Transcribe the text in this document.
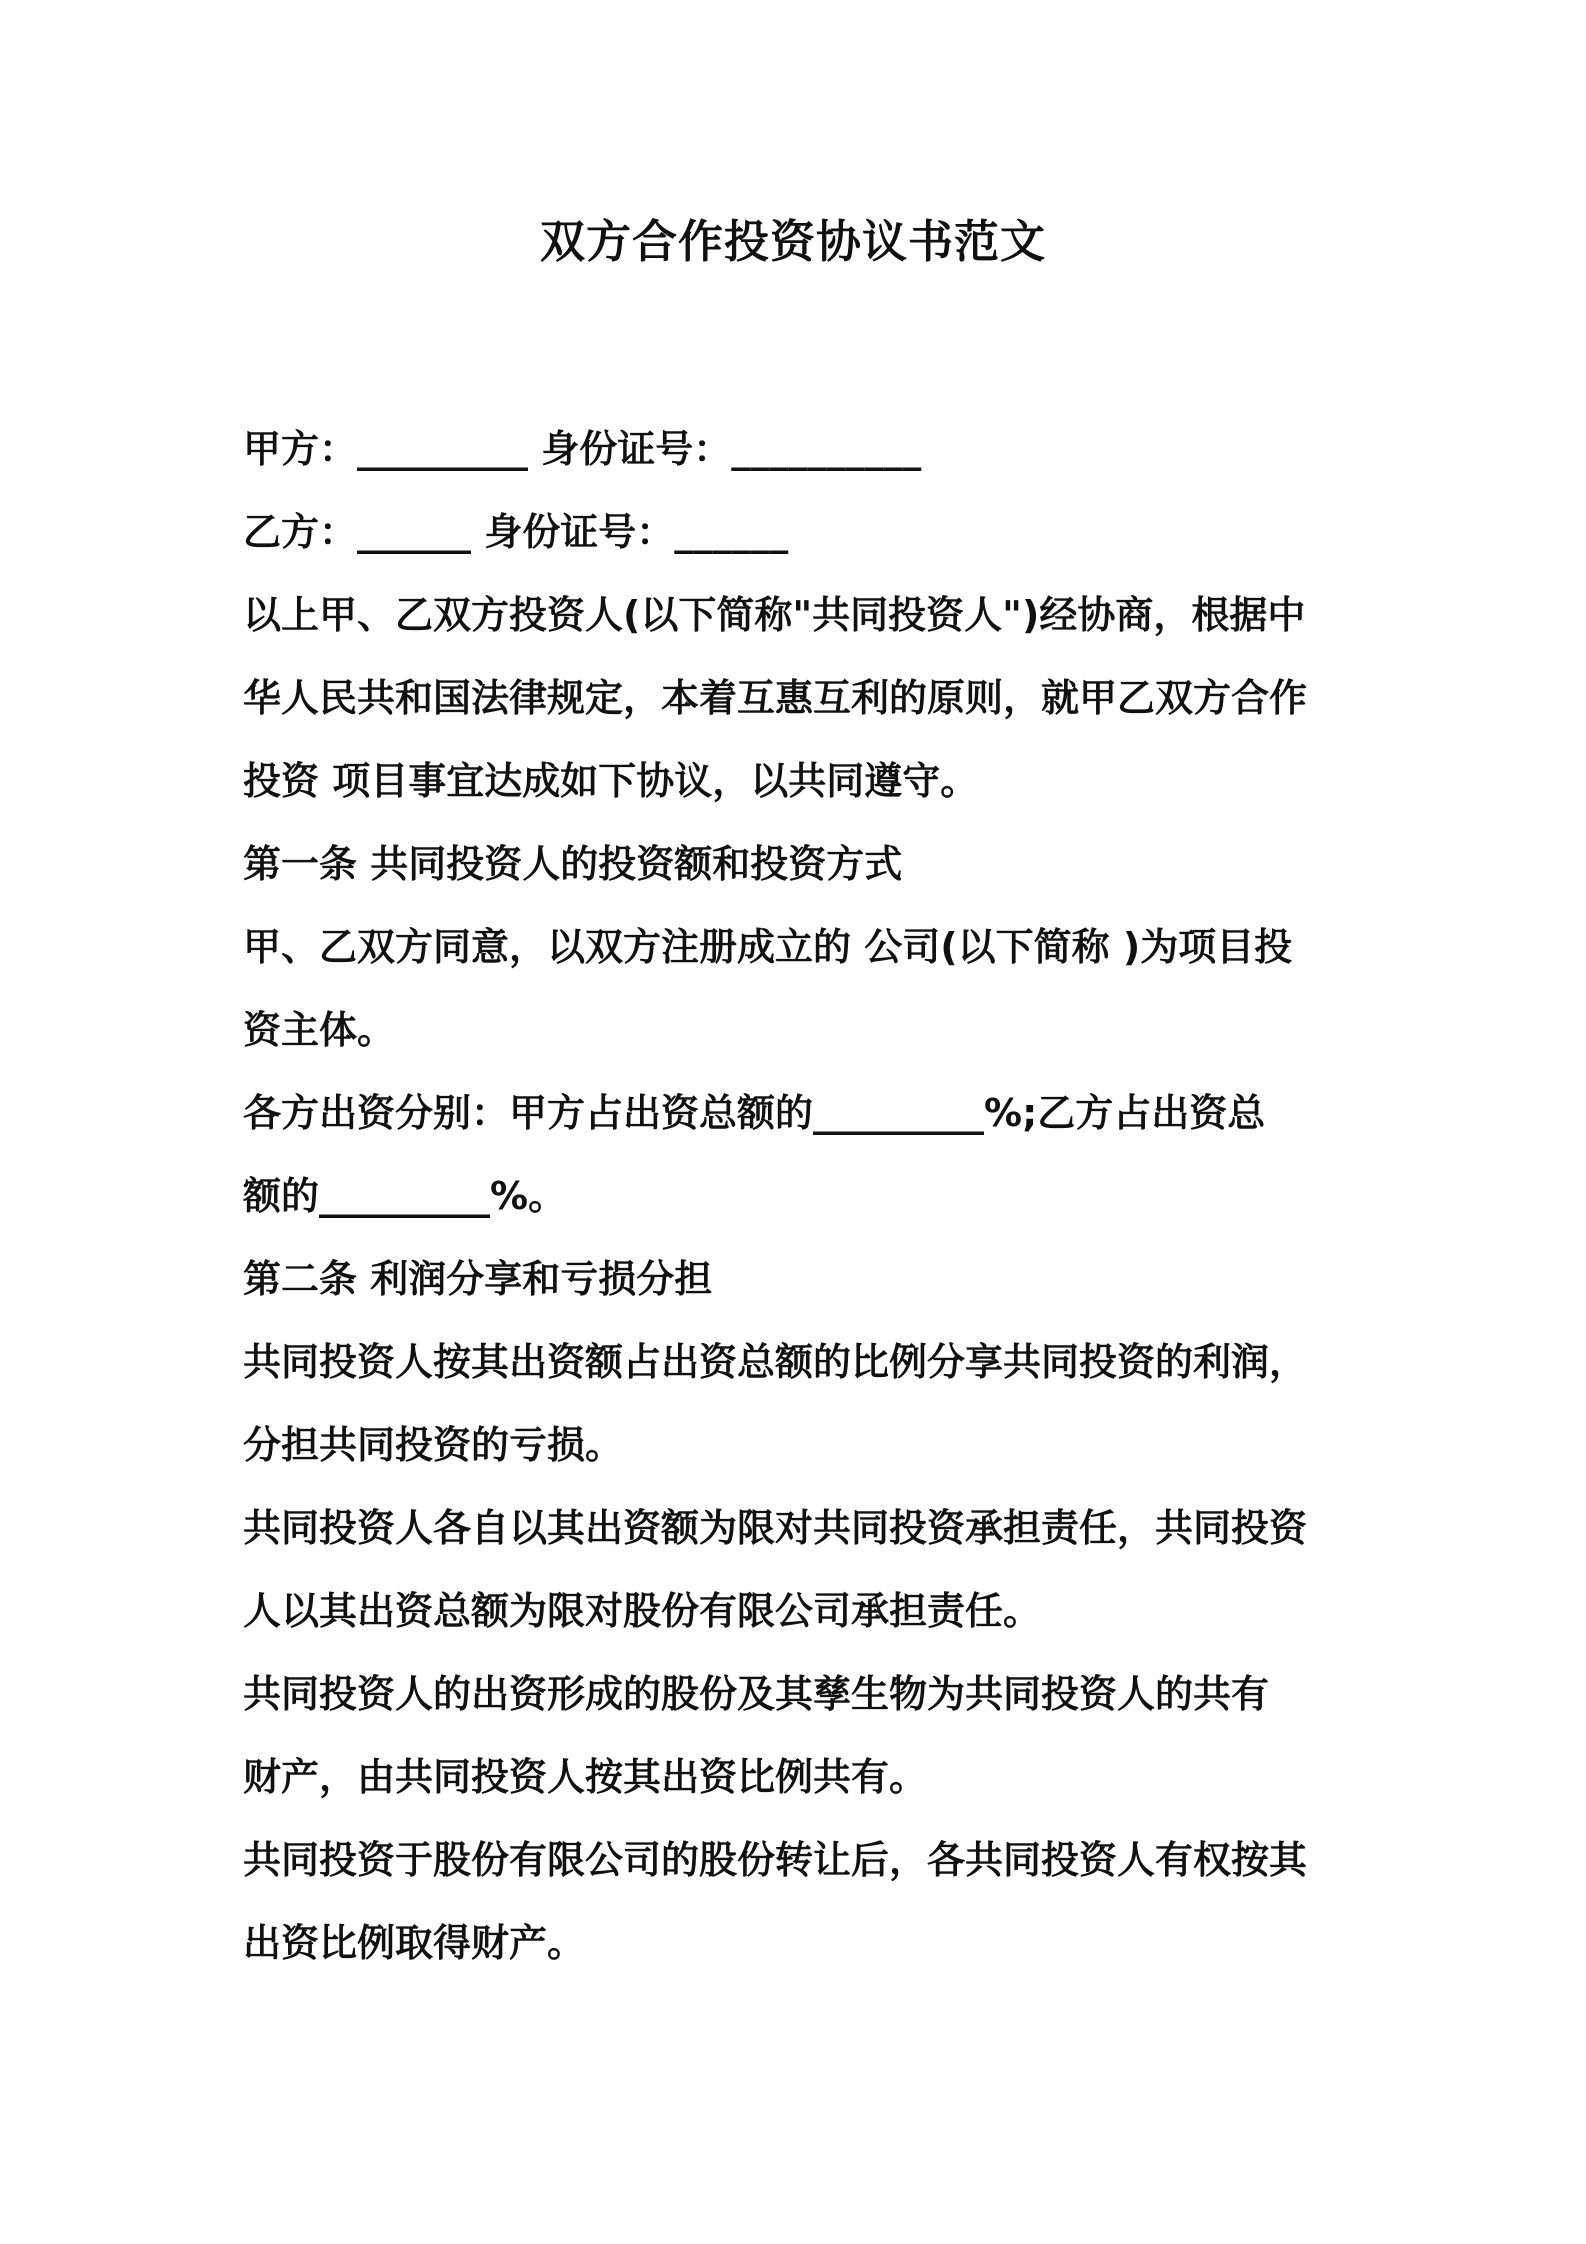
双方合作投资协议书范文
甲方：_________ 身份证号：__________
乙方：______ 身份证号：______
以上甲、乙双方投资人(以下简称"共同投资人")经协商，根据中
华人民共和国法律规定，本着互惠互利的原则，就甲乙双方合作
投资 项目事宜达成如下协议，以共同遵守。
第一条 共同投资人的投资额和投资方式
甲、乙双方同意，以双方注册成立的 公司(以下简称 )为项目投
资主体。
各方出资分别：甲方占出资总额的_________%;乙方占出资总
额的_________%。
第二条 利润分享和亏损分担
共同投资人按其出资额占出资总额的比例分享共同投资的利润，
分担共同投资的亏损。
共同投资人各自以其出资额为限对共同投资承担责任，共同投资
人以其出资总额为限对股份有限公司承担责任。
共同投资人的出资形成的股份及其孳生物为共同投资人的共有
财产，由共同投资人按其出资比例共有。
共同投资于股份有限公司的股份转让后，各共同投资人有权按其
出资比例取得财产。
